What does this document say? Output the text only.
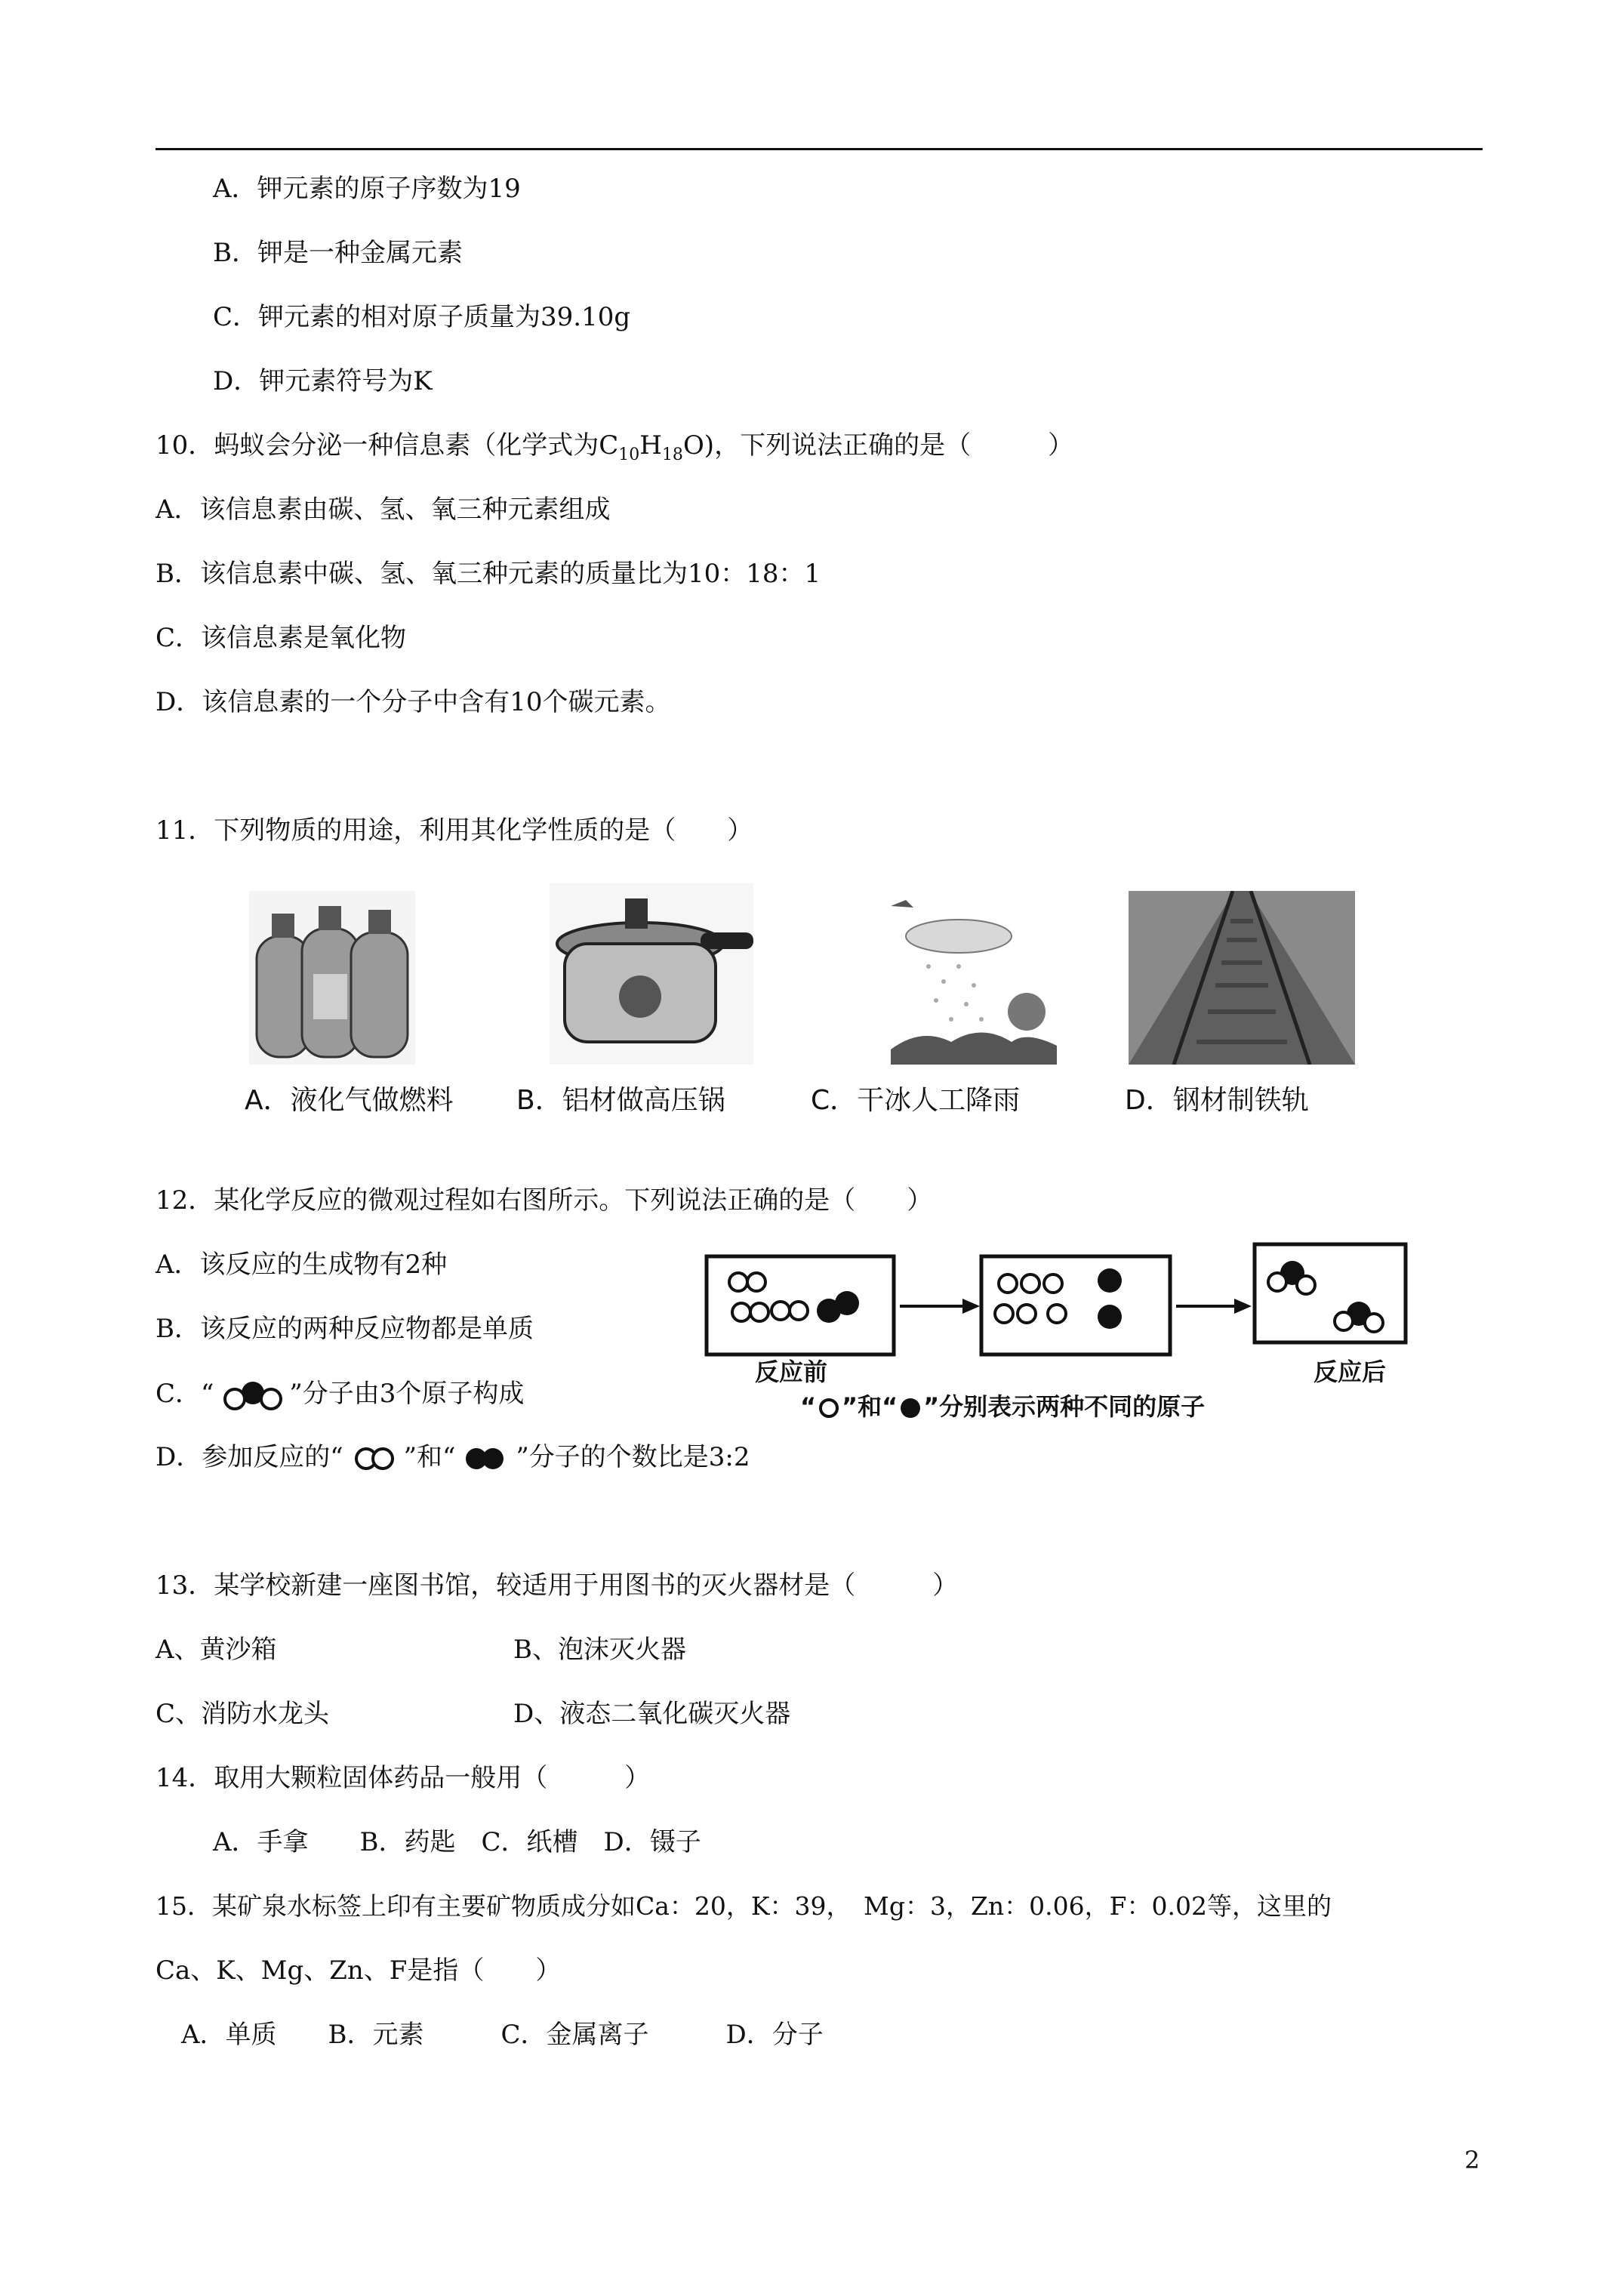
A．钾元素的原子序数为19
B．钾是一种金属元素
C．钾元素的相对原子质量为39.10g
D．钾元素符号为K
10．蚂蚁会分泌一种信息素（化学式为$C_{10}H_{18}O$)，下列说法正确的是（　　　）
A．该信息素由碳、氢、氧三种元素组成
B．该信息素中碳、氢、氧三种元素的质量比为10：18：1
C．该信息素是氧化物
D．该信息素的一个分子中含有10个碳元素。
11．下列物质的用途，利用其化学性质的是（　　）
A．液化气做燃料 B．铝材做高压锅	C．干冰人工降雨	D．钢材制铁轨
12．某化学反应的微观过程如右图所示。下列说法正确的是（　　）
A．该反应的生成物有2种
B．该反应的两种反应物都是单质
C．“	”分子由3个原子构成
D．参加反应的“ ”和“ ”分子的个数比是3:2
反应前	反应后
“ ”和“ ”分别表示两种不同的原子
13．某学校新建一座图书馆，较适用于用图书的灭火器材是（　　　）
A、黄沙箱	B、泡沫灭火器
C、消防水龙头	D、液态二氧化碳灭火器
14．取用大颗粒固体药品一般用（　　　）
A．手拿　　B．药匙　C．纸槽　D．镊子
15．某矿泉水标签上印有主要矿物质成分如Ca：20，K：39，　Mg：3，Zn：0.06，F：0.02等，这里的
Ca、K、Mg、Zn、F是指（　　）
A．单质　　B．元素　　　C．金属离子　　　D．分子
2
